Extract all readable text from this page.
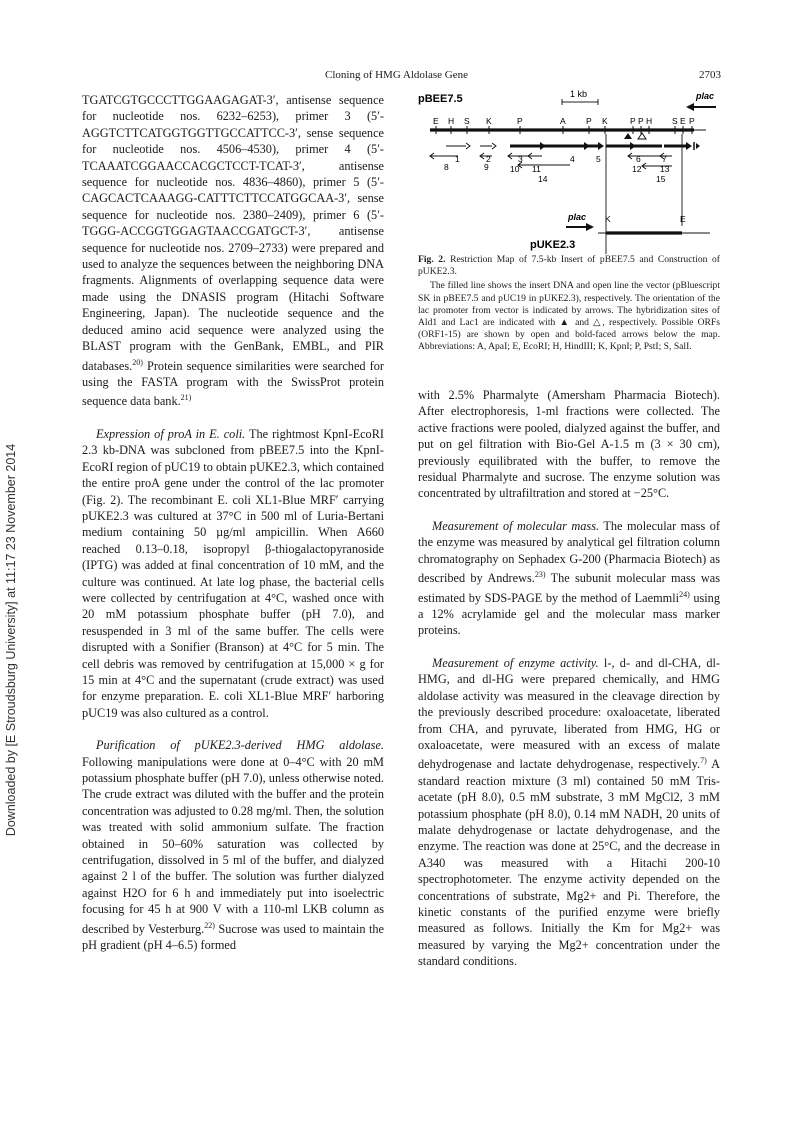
Cloning of HMG Aldolase Gene	2703
Downloaded by [E Stroudsburg University] at 11:17 23 November 2014

TGATCGTGCCCTTGGAAGAGAT-3′, antisense sequence for nucleotide nos. 6232–6253), primer 3 (5′-AGGTCTTCATGGTGGTTGCCATTCC-3′, sense sequence for nucleotide nos. 4506–4530), primer 4 (5′-TCAAATCGGAACCACGCTCCT-TCAT-3′, antisense sequence for nucleotide nos. 4836–4860), primer 5 (5′-CAGCACTCAAAGG-CATTTCTTCCATGGCAA-3′, sense sequence for nucleotide nos. 2380–2409), primer 6 (5′-TGGG-ACCGGTGGAGTAACCGATGCT-3′, antisense sequence for nucleotide nos. 2709–2733) were prepared and used to analyze the sequences between the neighboring DNA fragments. Alignments of overlapping sequence data were made using the DNASIS program (Hitachi Software Engineering, Japan). The nucleotide sequence and the deduced amino acid sequence were analyzed using the BLAST program with the GenBank, EMBL, and PIR databases.$^{20)}$ Protein sequence similarities were searched for using the FASTA program with the SwissProt protein sequence data bank.$^{21)}$

Expression of proA in E. coli. The rightmost KpnI-EcoRI 2.3 kb-DNA was subcloned from pBEE7.5 into the KpnI-EcoRI region of pUC19 to obtain pUKE2.3, which contained the entire proA gene under the control of the lac promoter (Fig. 2). The recombinant E. coli XL1-Blue MRF′ carrying pUKE2.3 was cultured at 37°C in 500 ml of Luria-Bertani medium containing 50 µg/ml ampicillin. When A660 reached 0.13–0.18, isopropyl β-thiogalactopyranoside (IPTG) was added at final concentration of 10 mM, and the culture was continued. At late log phase, the bacterial cells were collected by centrifugation at 4°C, washed once with 20 mM potassium phosphate buffer (pH 7.0), and resuspended in 3 ml of the same buffer. The cells were disrupted with a Sonifier (Branson) at 4°C for 5 min. The cell debris was removed by centrifugation at 15,000 × g for 15 min at 4°C and the supernatant (crude extract) was used for enzyme preparation. E. coli XL1-Blue MRF′ harboring pUC19 was also cultured as a control.

Purification of pUKE2.3-derived HMG aldolase. Following manipulations were done at 0–4°C with 20 mM potassium phosphate buffer (pH 7.0), unless otherwise noted. The crude extract was diluted with the buffer and the protein concentration was adjusted to 0.28 mg/ml. Then, the solution was treated with solid ammonium sulfate. The fraction obtained in 50–60% saturation was collected by centrifugation, dissolved in 5 ml of the buffer, and dialyzed against 2 l of the buffer. The solution was further dialyzed against H2O for 6 h and immediately put into isoelectric focusing for 45 h at 900 V with a 110-ml LKB column as described by Vesterburg.$^{22)}$ Sucrose was used to maintain the pH gradient (pH 4–6.5) formed

pBEE7.5	1 kb	plac
E H S K	P	A P K	P P H S E P
1	2	3	4	5	6	7
8	9	10 11	12 13
14	15
plac K	E
pUKE2.3

Fig. 2. Restriction Map of 7.5-kb Insert of pBEE7.5 and Construction of pUKE2.3.

The filled line shows the insert DNA and open line the vector (pBluescript SK in pBEE7.5 and pUC19 in pUKE2.3), respectively. The orientation of the lac promoter from vector is indicated by arrows. The hybridization sites of Ald1 and Lac1 are indicated with ▲ and △, respectively. Possible ORFs (ORF1-15) are shown by open and bold-faced arrows below the map. Abbreviations: A, ApaI; E, EcoRI; H, HindIII; K, KpnI; P, PstI; S, SalI.

with 2.5% Pharmalyte (Amersham Pharmacia Biotech). After electrophoresis, 1-ml fractions were collected. The active fractions were pooled, dialyzed against the buffer, and put on gel filtration with Bio-Gel A-1.5 m (3 × 30 cm), previously equilibrated with the buffer, to remove the residual Pharmalyte and sucrose. The enzyme solution was concentrated by ultrafiltration and stored at −25°C.

Measurement of molecular mass. The molecular mass of the enzyme was measured by analytical gel filtration column chromatography on Sephadex G-200 (Pharmacia Biotech) as described by Andrews.$^{23)}$ The subunit molecular mass was estimated by SDS-PAGE by the method of Laemmli$^{24)}$ using a 12% acrylamide gel and the molecular mass marker proteins.

Measurement of enzyme activity. l-, d- and dl-CHA, dl-HMG, and dl-HG were prepared chemically, and HMG aldolase activity was measured in the cleavage direction by the previously described procedure: oxaloacetate, liberated from CHA, and pyruvate, liberated from HMG, HG or oxaloacetate, were measured with an excess of malate dehydrogenase and lactate dehydrogenase, respectively.$^{7)}$ A standard reaction mixture (3 ml) contained 50 mM Tris-acetate (pH 8.0), 0.5 mM substrate, 3 mM MgCl2, 3 mM potassium phosphate (pH 8.0), 0.14 mM NADH, 20 units of malate dehydrogenase or lactate dehydrogenase, and the enzyme. The reaction was done at 25°C, and the decrease in A340 was measured with a Hitachi 200-10 spectrophotometer. The enzyme activity depended on the concentrations of substrate, Mg2+ and Pi. Therefore, the kinetic constants of the purified enzyme were briefly measured as follows. Initially the Km for Mg2+ was measured by varying the Mg2+ concentration under the standard conditions.
